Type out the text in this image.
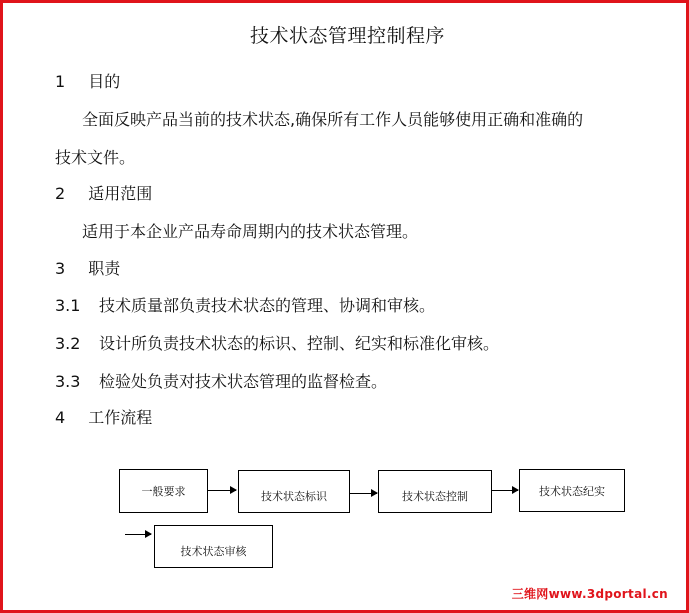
技术状态管理控制程序
1 目的
全面反映产品当前的技术状态,确保所有工作人员能够使用正确和准确的
技术文件。
2 适用范围
适用于本企业产品寿命周期内的技术状态管理。
3 职责
3.1 技术质量部负责技术状态的管理、协调和审核。
3.2 设计所负责技术状态的标识、控制、纪实和标准化审核。
3.3 检验处负责对技术状态管理的监督检查。
4 工作流程
一般要求	技术状态标识	技术状态控制	技术状态纪实
技术状态审核
三维网www.3dportal.cn
